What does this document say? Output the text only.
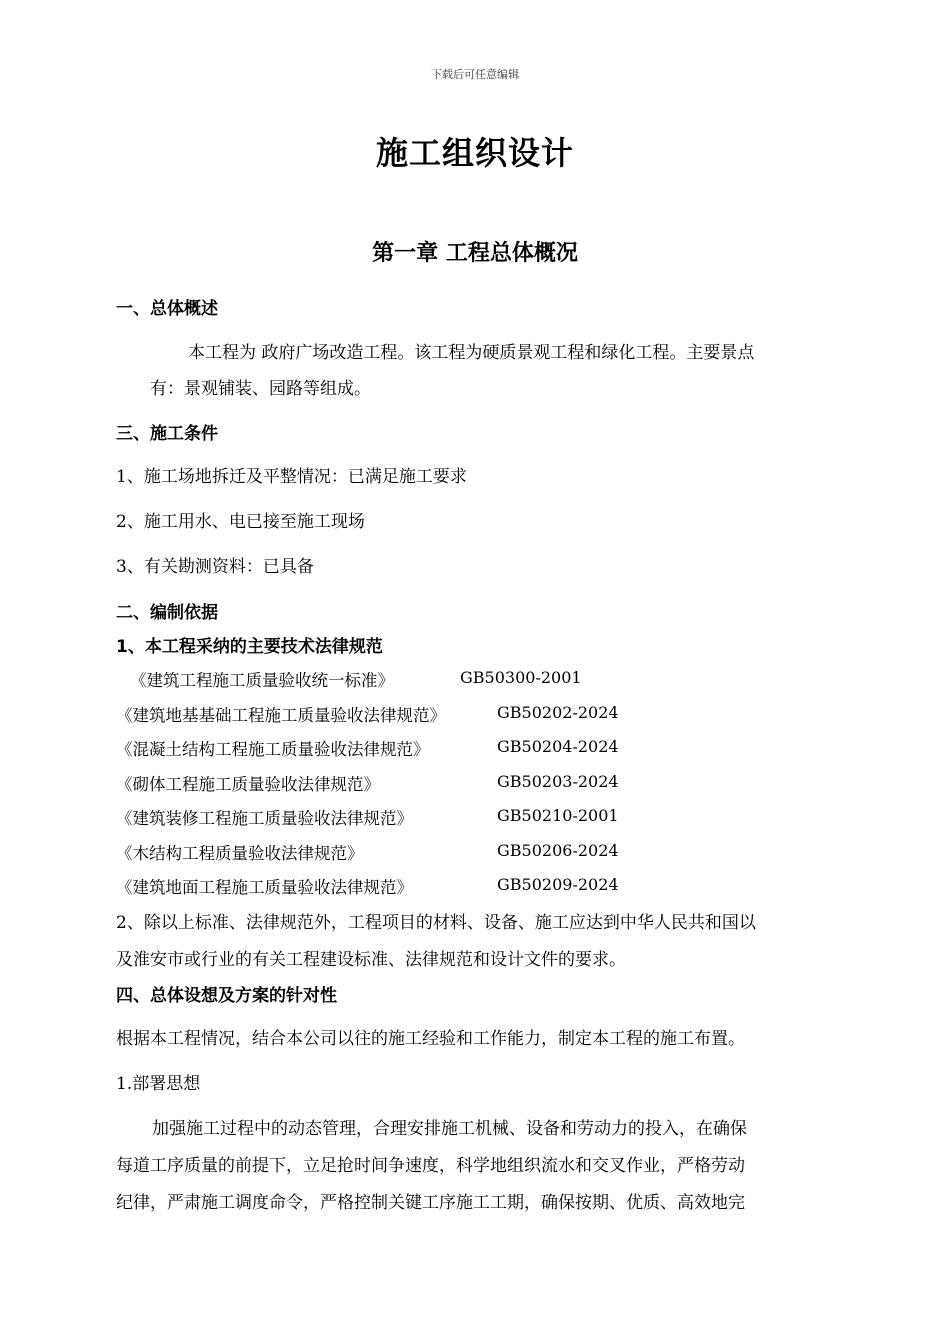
下载后可任意编辑
施工组织设计
第一章 工程总体概况
一、总体概述
本工程为 政府广场改造工程。该工程为硬质景观工程和绿化工程。主要景点
有：景观铺装、园路等组成。
三、施工条件
1、施工场地拆迁及平整情况：已满足施工要求
2、施工用水、电已接至施工现场
3、有关勘测资料：已具备
二、编制依据
1、本工程采纳的主要技术法律规范
《建筑工程施工质量验收统一标准》	GB50300-2001
《建筑地基基础工程施工质量验收法律规范》	GB50202-2024
《混凝土结构工程施工质量验收法律规范》	GB50204-2024
《砌体工程施工质量验收法律规范》	GB50203-2024
《建筑装修工程施工质量验收法律规范》	GB50210-2001
《木结构工程质量验收法律规范》	GB50206-2024
《建筑地面工程施工质量验收法律规范》	GB50209-2024
2、除以上标准、法律规范外，工程项目的材料、设备、施工应达到中华人民共和国以
及淮安市或行业的有关工程建设标准、法律规范和设计文件的要求。
四、总体设想及方案的针对性
根据本工程情况，结合本公司以往的施工经验和工作能力，制定本工程的施工布置。
1.部署思想
加强施工过程中的动态管理，合理安排施工机械、设备和劳动力的投入，在确保
每道工序质量的前提下，立足抢时间争速度，科学地组织流水和交叉作业，严格劳动
纪律，严肃施工调度命令，严格控制关键工序施工工期，确保按期、优质、高效地完
